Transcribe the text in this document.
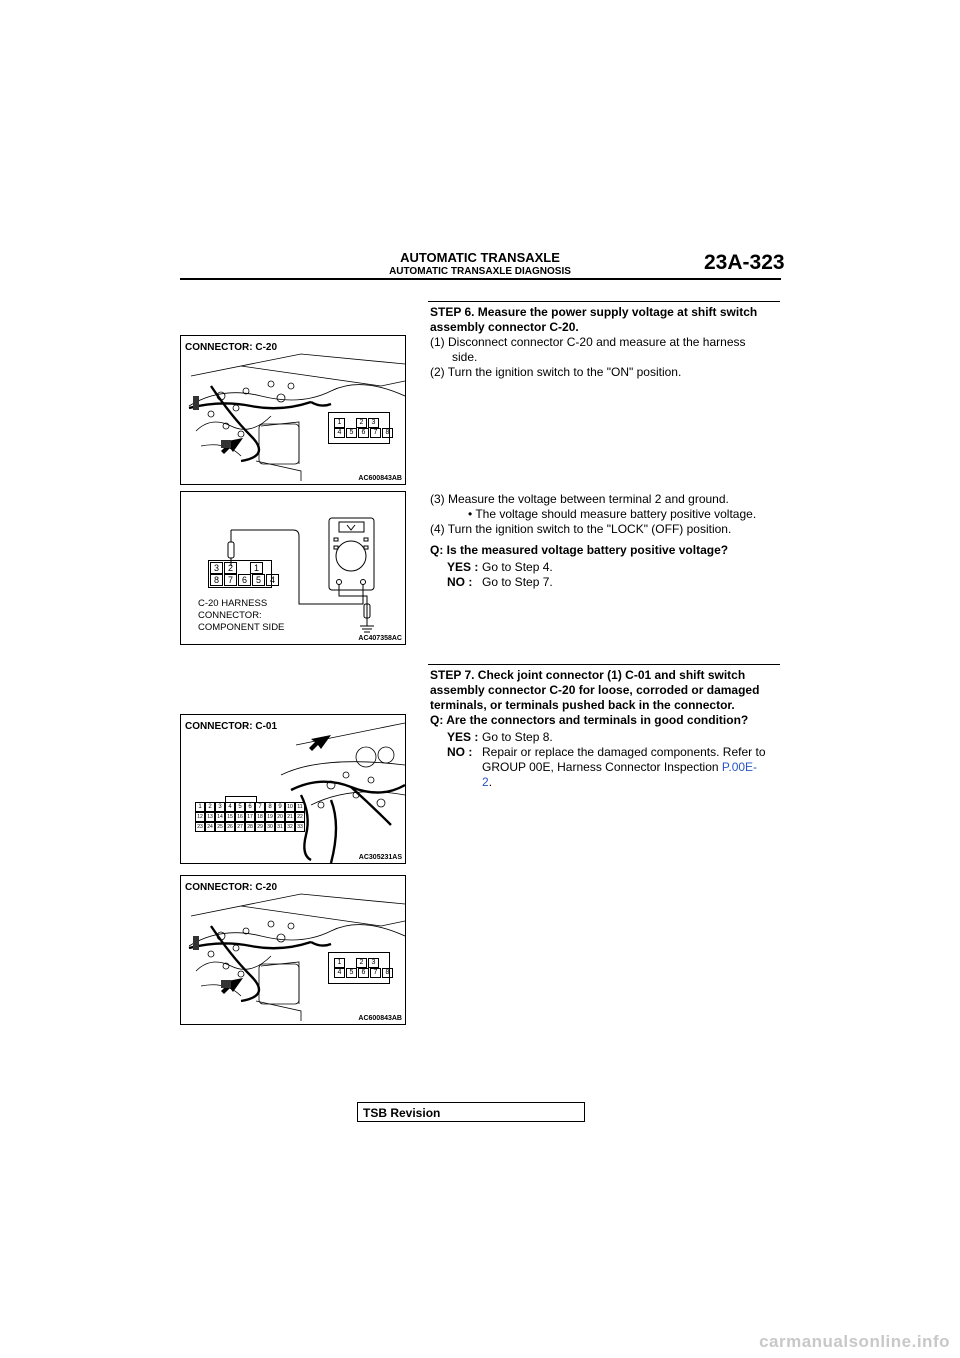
AUTOMATIC TRANSAXLE
AUTOMATIC TRANSAXLE DIAGNOSIS	23A-323
CONNECTOR: C-20
1	2	3
4	5	6	7	8
AC600843AB
3 2	1
8 7 6 5 4
C-20 HARNESS
CONNECTOR:
COMPONENT SIDE
AC407358AC
CONNECTOR: C-01
1	2	3	4	5	6	7	8	9	10 11
12 13 14 15 16 17 18 19 20 21 22
23 24 25 26 27 28 29 30 31 32 33
AC305231AS
CONNECTOR: C-20
1	2	3
4	5	6	7	8
AC600843AB
STEP 6. Measure the power supply voltage at shift switch
assembly connector C-20.
(1) Disconnect connector C-20 and measure at the harness
side.
(2) Turn the ignition switch to the "ON" position.
(3) Measure the voltage between terminal 2 and ground.
• The voltage should measure battery positive voltage.
(4) Turn the ignition switch to the "LOCK" (OFF) position.
Q: Is the measured voltage battery positive voltage?
YES : Go to Step 4.
NO : Go to Step 7.
STEP 7. Check joint connector (1) C-01 and shift switch
assembly connector C-20 for loose, corroded or damaged
terminals, or terminals pushed back in the connector.
Q: Are the connectors and terminals in good condition?
YES : Go to Step 8.
NO : Repair or replace the damaged components. Refer to
GROUP 00E, Harness Connector Inspection P.00E-
2.
TSB Revision
carmanualsonline.info
